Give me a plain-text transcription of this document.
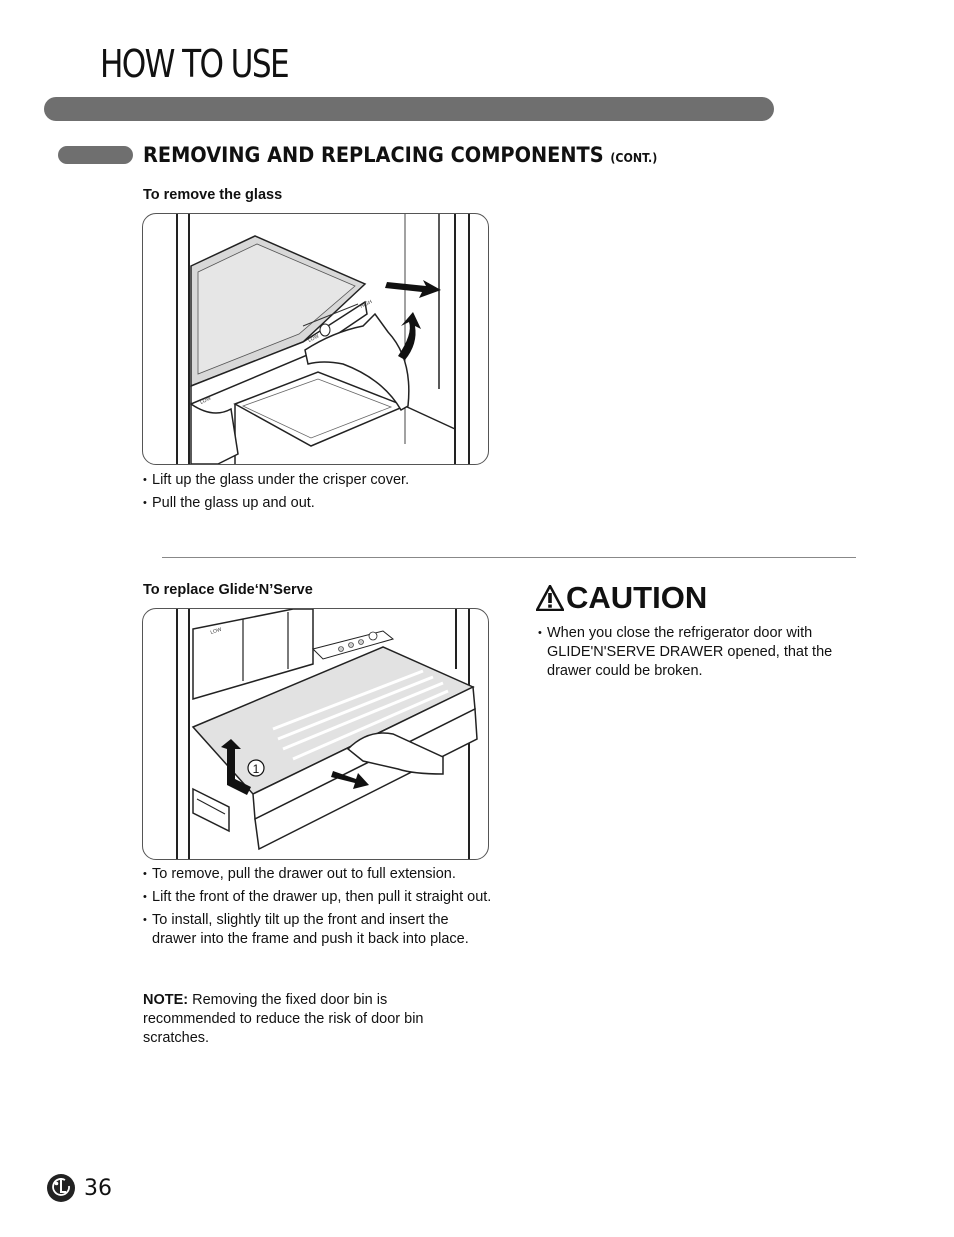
HOW TO USE
REMOVING AND REPLACING COMPONENTS (CONT.)
To remove the glass
LOW
HIGH
LOW
• Lift up the glass under the crisper cover.
• Pull the glass up and out.
To replace Glide‘N’Serve
LOW
1
• To remove, pull the drawer out to full extension.
• Lift the front of the drawer up, then pull it straight out.
• To install, slightly tilt up the front and insert the drawer into the frame and push it back into place.
NOTE: Removing the fixed door bin is recommended to reduce the risk of door bin scratches.
CAUTION
• When you close the refrigerator door with GLIDE'N'SERVE DRAWER opened, that the drawer could be broken.
36
